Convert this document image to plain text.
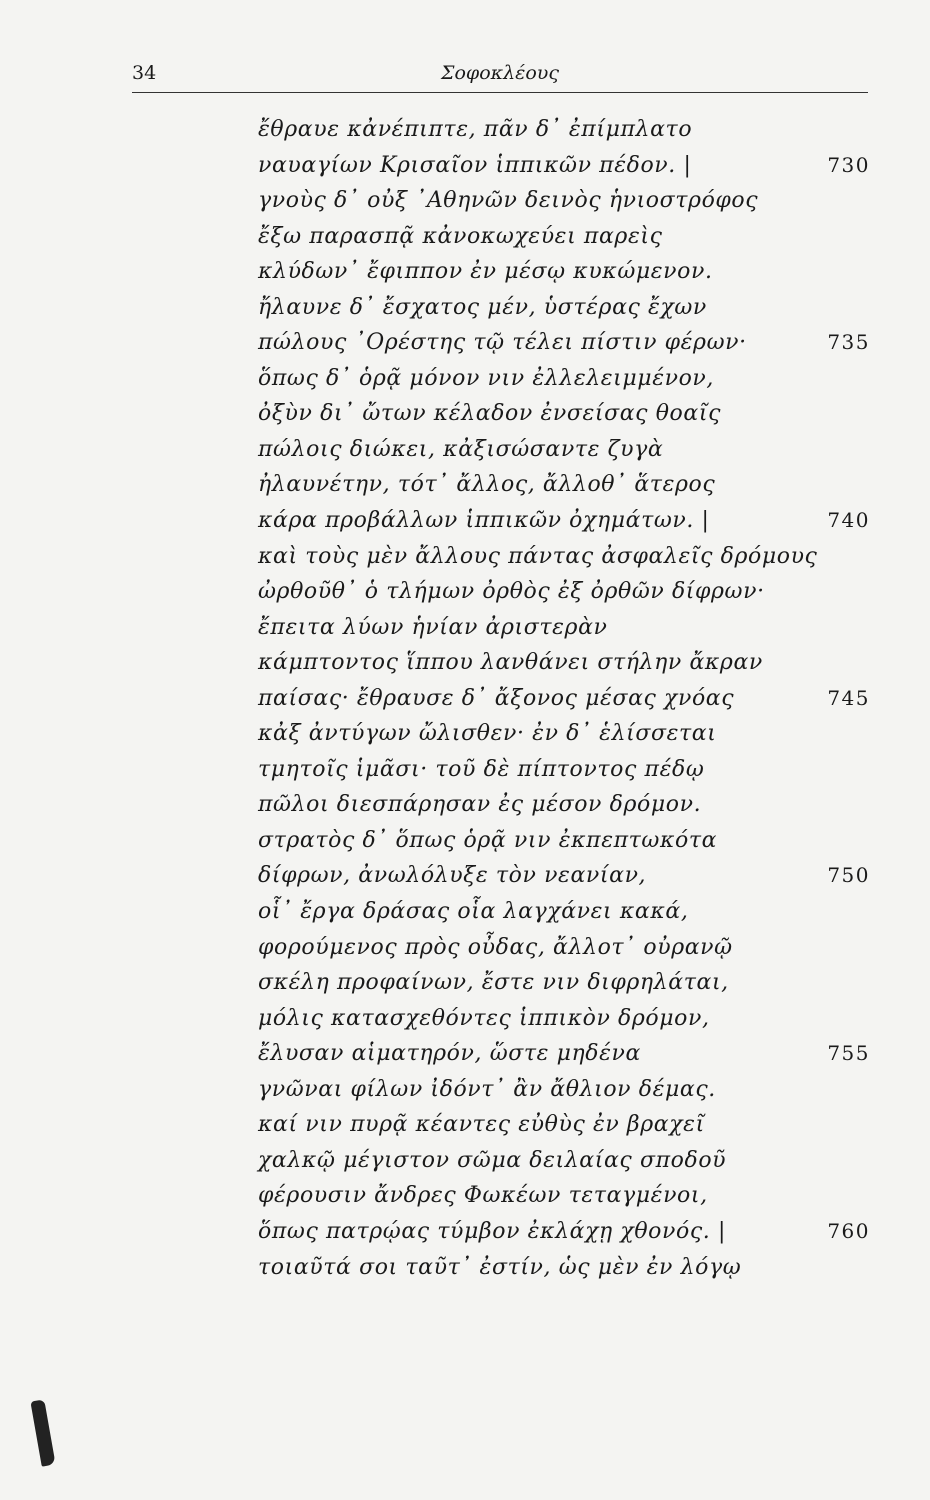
34	Σοφοκλέους
ἔθραυε κἀνέπιπτε, πᾶν δ᾽ ἐπίμπλατο
ναυαγίων Κρισαῖον ἱππικῶν πέδον. |	730
γνοὺς δ᾽ οὐξ ᾽Αθηνῶν δεινὸς ἡνιοστρόφος
ἔξω παρασπᾷ κἀνοκωχεύει παρεὶς
κλύδων᾽ ἔφιππον ἐν μέσῳ κυκώμενον.
ἤλαυνε δ᾽ ἔσχατος μέν, ὑστέρας ἔχων
πώλους ᾽Ορέστης τῷ τέλει πίστιν φέρων·	735
ὅπως δ᾽ ὁρᾷ μόνον νιν ἐλλελειμμένον,
ὀξὺν δι᾽ ὤτων κέλαδον ἐνσείσας θοαῖς
πώλοις διώκει, κἀξισώσαντε ζυγὰ
ἠλαυνέτην, τότ᾽ ἄλλος, ἄλλοθ᾽ ἅτερος
κάρα προβάλλων ἱππικῶν ὀχημάτων. |	740
καὶ τοὺς μὲν ἄλλους πάντας ἀσφαλεῖς δρόμους
ὠρθοῦθ᾽ ὁ τλήμων ὀρθὸς ἐξ ὀρθῶν δίφρων·
ἔπειτα λύων ἡνίαν ἀριστερὰν
κάμπτοντος ἵππου λανθάνει στήλην ἄκραν
παίσας· ἔθραυσε δ᾽ ἄξονος μέσας χνόας	745
κἀξ ἀντύγων ὤλισθεν· ἐν δ᾽ ἑλίσσεται
τμητοῖς ἱμᾶσι· τοῦ δὲ πίπτοντος πέδῳ
πῶλοι διεσπάρησαν ἐς μέσον δρόμον.
στρατὸς δ᾽ ὅπως ὁρᾷ νιν ἐκπεπτωκότα
δίφρων, ἀνωλόλυξε τὸν νεανίαν,	750
οἷ᾽ ἔργα δράσας οἷα λαγχάνει κακά,
φορούμενος πρὸς οὖδας, ἄλλοτ᾽ οὐρανῷ
σκέλη προφαίνων, ἔστε νιν διφρηλάται,
μόλις κατασχεθόντες ἱππικὸν δρόμον,
ἔλυσαν αἱματηρόν, ὥστε μηδένα	755
γνῶναι φίλων ἰδόντ᾽ ἂν ἄθλιον δέμας.
καί νιν πυρᾷ κέαντες εὐθὺς ἐν βραχεῖ
χαλκῷ μέγιστον σῶμα δειλαίας σποδοῦ
φέρουσιν ἄνδρες Φωκέων τεταγμένοι,
ὅπως πατρῴας τύμβον ἐκλάχῃ χθονός. |	760
τοιαῦτά σοι ταῦτ᾽ ἐστίν, ὡς μὲν ἐν λόγῳ
